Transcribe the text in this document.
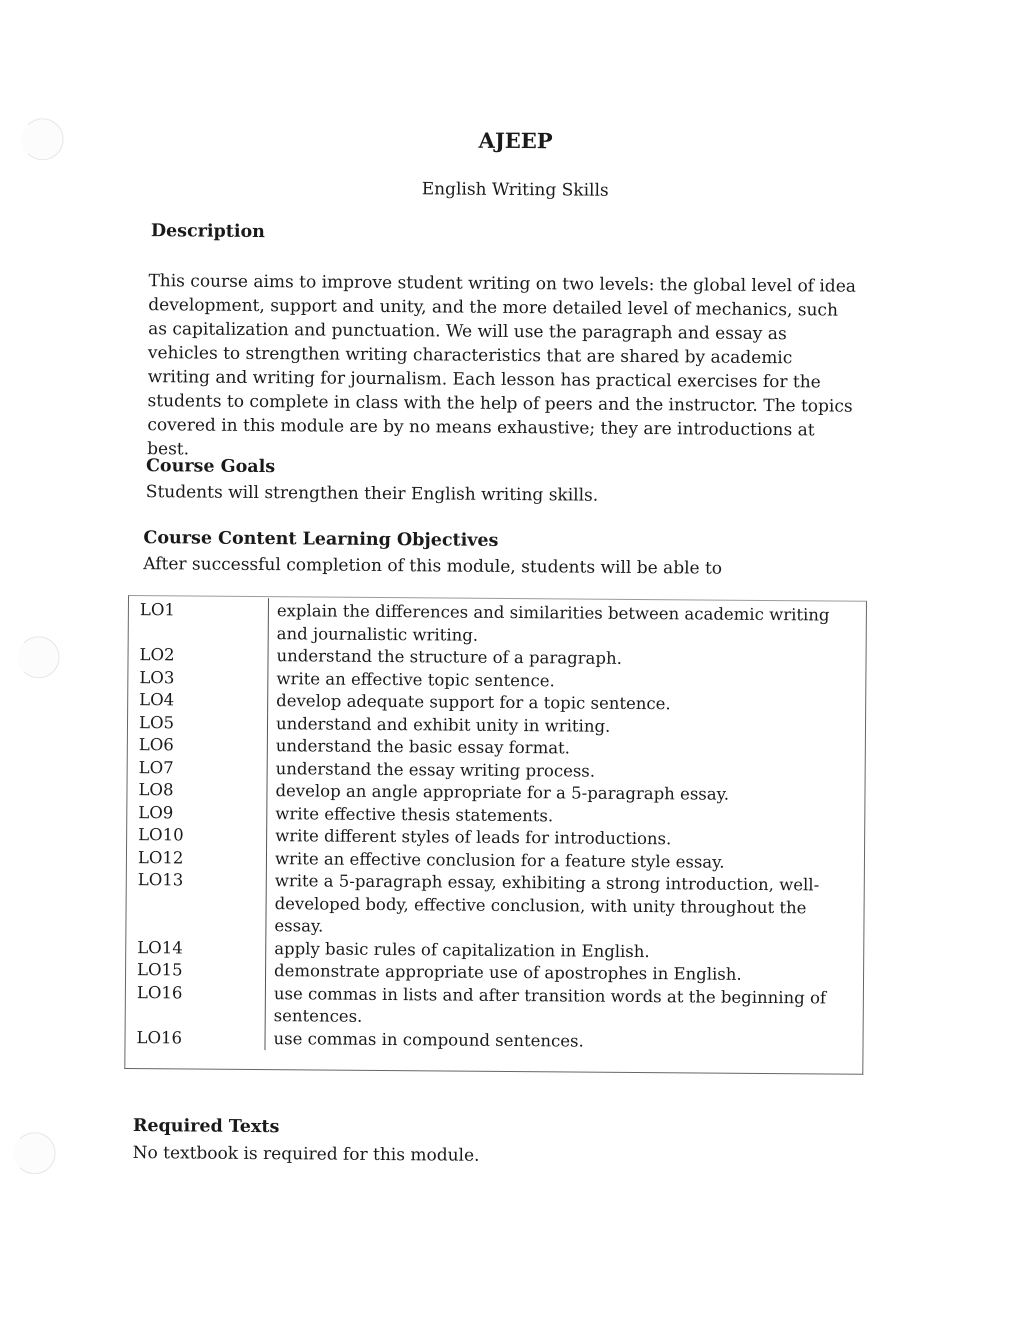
AJEEP

English Writing Skills

Description

This course aims to improve student writing on two levels: the global level of idea development, support and unity, and the more detailed level of mechanics, such as capitalization and punctuation. We will use the paragraph and essay as vehicles to strengthen writing characteristics that are shared by academic writing and writing for journalism. Each lesson has practical exercises for the students to complete in class with the help of peers and the instructor. The topics covered in this module are by no means exhaustive; they are introductions at best.

Course Goals

Students will strengthen their English writing skills.

Course Content Learning Objectives

After successful completion of this module, students will be able to

LO1	explain the differences and similarities between academic writing and journalistic writing.
LO2	understand the structure of a paragraph.
LO3	write an effective topic sentence.
LO4	develop adequate support for a topic sentence.
LO5	understand and exhibit unity in writing.
LO6	understand the basic essay format.
LO7	understand the essay writing process.
LO8	develop an angle appropriate for a 5-paragraph essay.
LO9	write effective thesis statements.
LO10	write different styles of leads for introductions.
LO12	write an effective conclusion for a feature style essay.
LO13	write a 5-paragraph essay, exhibiting a strong introduction, well-developed body, effective conclusion, with unity throughout the essay.
LO14	apply basic rules of capitalization in English.
LO15	demonstrate appropriate use of apostrophes in English.
LO16	use commas in lists and after transition words at the beginning of sentences.
LO16	use commas in compound sentences.
Required Texts

No textbook is required for this module.
